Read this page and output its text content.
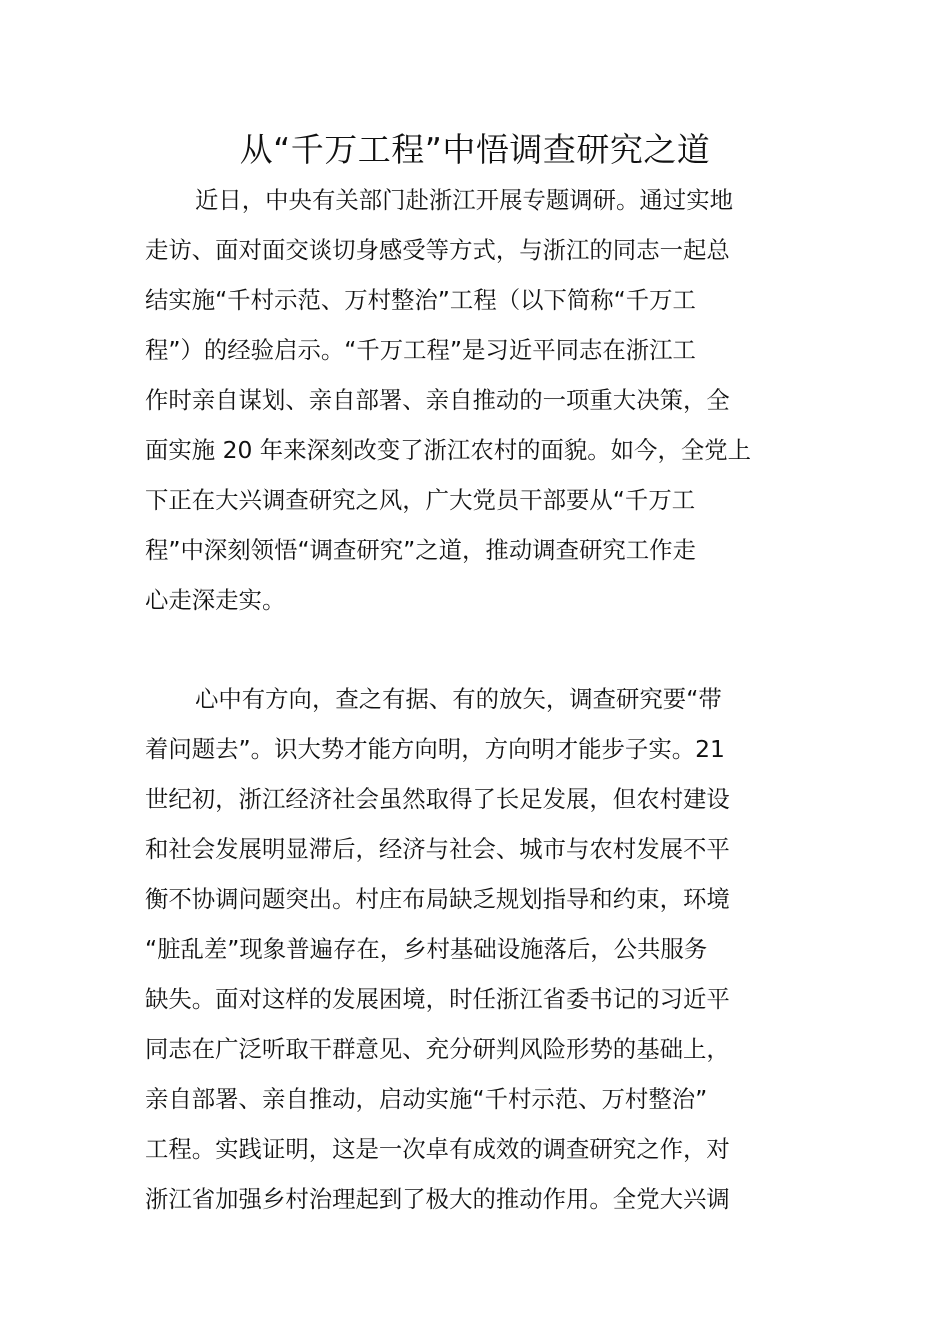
从“千万工程”中悟调查研究之道
近日，中央有关部门赴浙江开展专题调研。通过实地
走访、面对面交谈切身感受等方式，与浙江的同志一起总
结实施“千村示范、万村整治”工程（以下简称“千万工
程”）的经验启示。“千万工程”是习近平同志在浙江工
作时亲自谋划、亲自部署、亲自推动的一项重大决策，全
面实施 20 年来深刻改变了浙江农村的面貌。如今，全党上
下正在大兴调查研究之风，广大党员干部要从“千万工
程”中深刻领悟“调查研究”之道，推动调查研究工作走
心走深走实。
心中有方向，查之有据、有的放矢，调查研究要“带
着问题去”。识大势才能方向明，方向明才能步子实。21
世纪初，浙江经济社会虽然取得了长足发展，但农村建设
和社会发展明显滞后，经济与社会、城市与农村发展不平
衡不协调问题突出。村庄布局缺乏规划指导和约束，环境
“脏乱差”现象普遍存在，乡村基础设施落后，公共服务
缺失。面对这样的发展困境，时任浙江省委书记的习近平
同志在广泛听取干群意见、充分研判风险形势的基础上，
亲自部署、亲自推动，启动实施“千村示范、万村整治”
工程。实践证明，这是一次卓有成效的调查研究之作，对
浙江省加强乡村治理起到了极大的推动作用。全党大兴调
